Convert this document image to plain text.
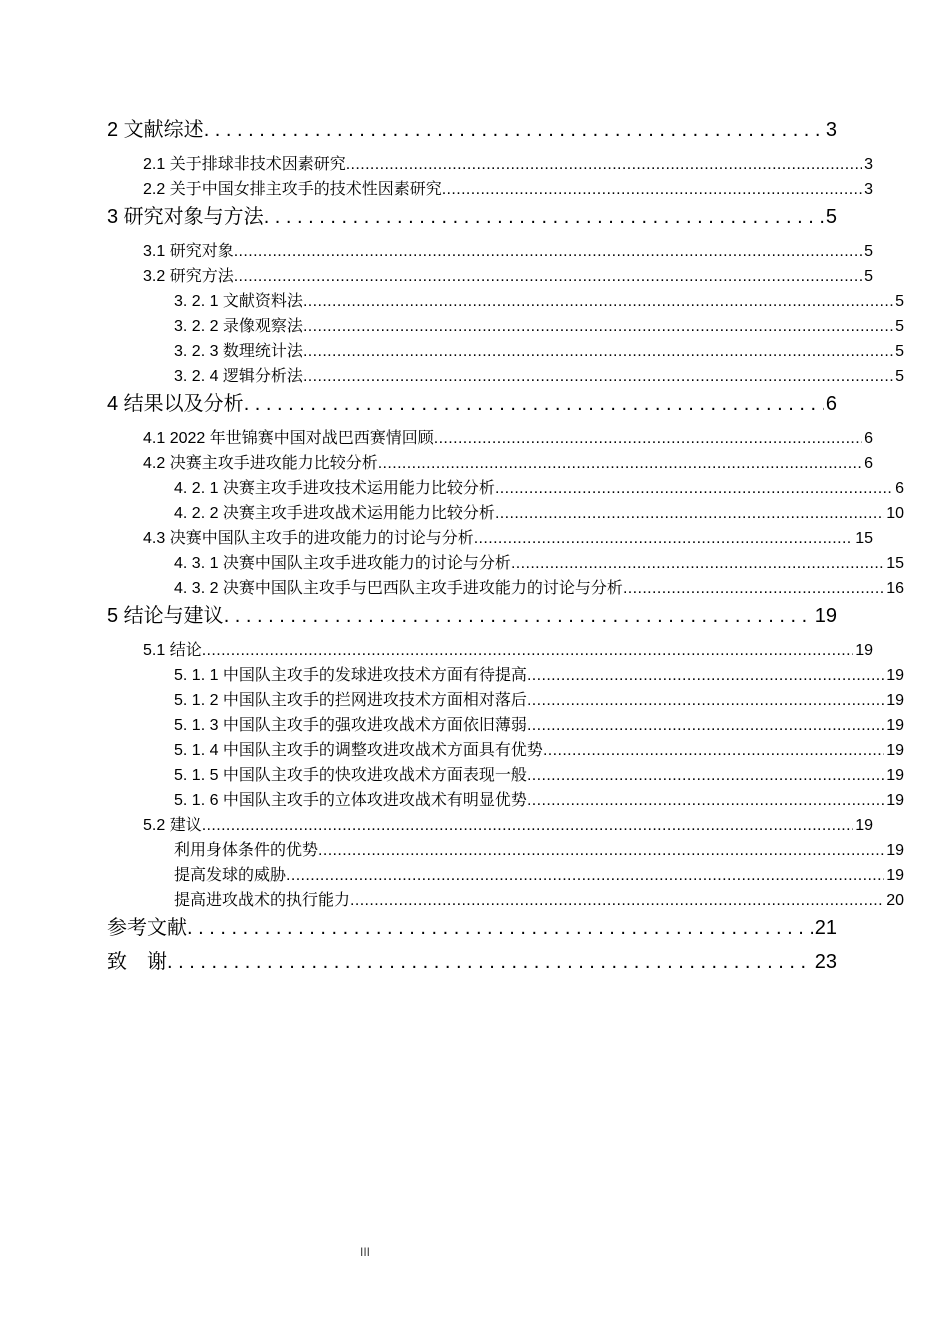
2 文献综述 . . .	3
2.1 关于排球非技术因素研究 .....	3
2.2 关于中国女排主攻手的技术性因素研究 .....	3
3 研究对象与方法 . . .	5
3.1 研究对象 .....	5
3.2 研究方法 .....	5
3. 2. 1 文献资料法 .....	5
3. 2. 2 录像观察法 .....	5
3. 2. 3 数理统计法 .....	5
3. 2. 4 逻辑分析法 .....	5
4 结果以及分析 . . .	6
4.1 2022 年世锦赛中国对战巴西赛情回顾 .....	6
4.2 决赛主攻手进攻能力比较分析 .....	6
4. 2. 1 决赛主攻手进攻技术运用能力比较分析 .....	6
4. 2. 2 决赛主攻手进攻战术运用能力比较分析 .....	10
4.3 决赛中国队主攻手的进攻能力的讨论与分析 .....	15
4. 3. 1 决赛中国队主攻手进攻能力的讨论与分析 .....	15
4. 3. 2 决赛中国队主攻手与巴西队主攻手进攻能力的讨论与分析 .....	16
5 结论与建议 . . .	19
5.1 结论 .....	19
5. 1. 1 中国队主攻手的发球进攻技术方面有待提高 .....	19
5. 1. 2 中国队主攻手的拦网进攻技术方面相对落后 .....	19
5. 1. 3 中国队主攻手的强攻进攻战术方面依旧薄弱 .....	19
5. 1. 4 中国队主攻手的调整攻进攻战术方面具有优势 .....	19
5. 1. 5 中国队主攻手的快攻进攻战术方面表现一般 .....	19
5. 1. 6 中国队主攻手的立体攻进攻战术有明显优势 .....	19
5.2 建议 .....	19
利用身体条件的优势 .....	19
提高发球的威胁 .....	19
提高进攻战术的执行能力 .....	20
参考文献 . . .	21
致　谢 . . .	23
III
